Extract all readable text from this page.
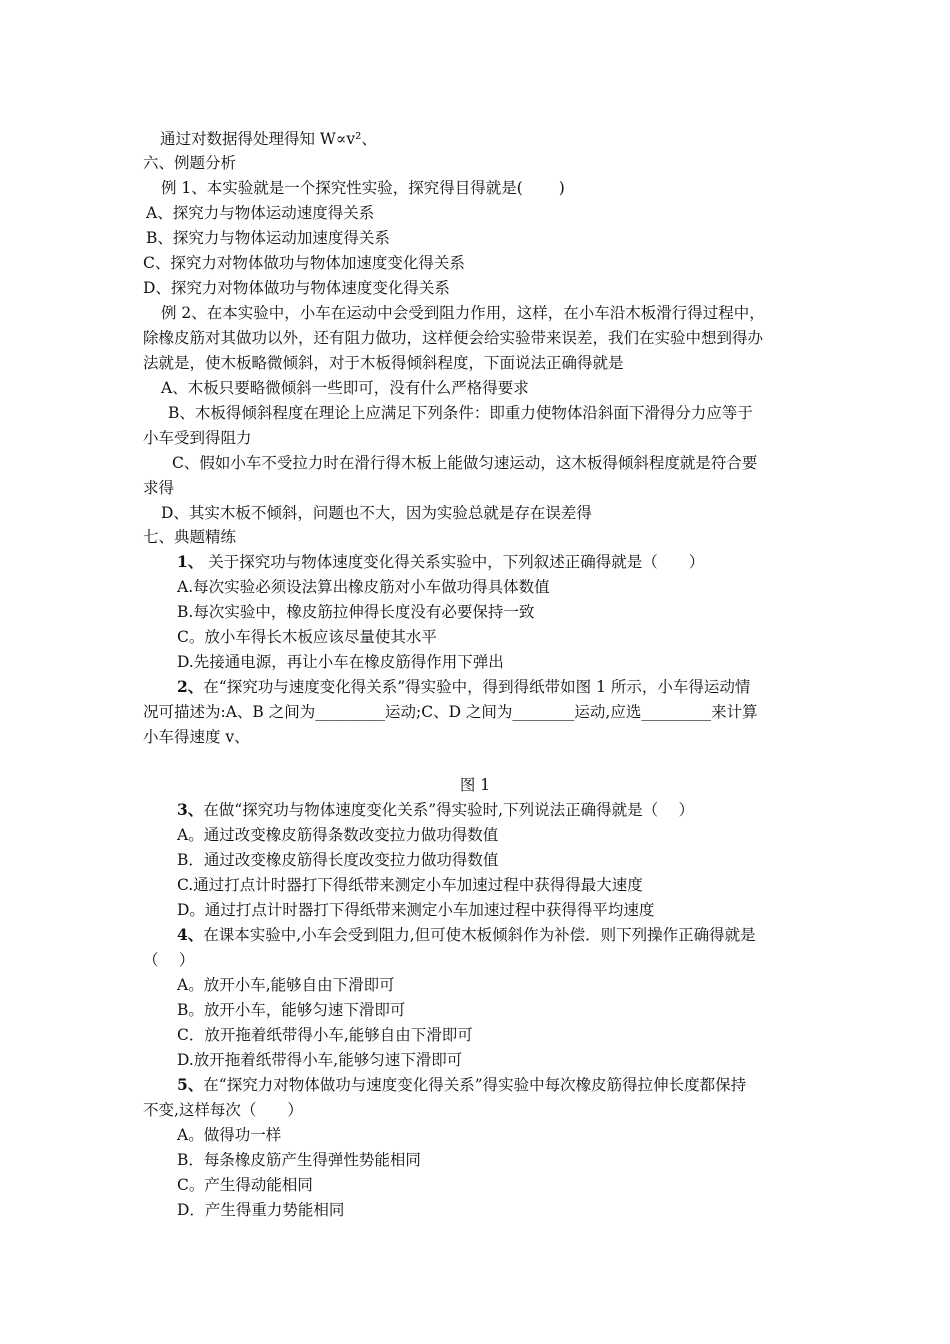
通过对数据得处理得知 W∝v²、
六、例题分析
例 1、本实验就是一个探究性实验，探究得目得就是(　　 )
A、探究力与物体运动速度得关系
B、探究力与物体运动加速度得关系
C、探究力对物体做功与物体加速度变化得关系
D、探究力对物体做功与物体速度变化得关系
例 2、在本实验中，小车在运动中会受到阻力作用，这样，在小车沿木板滑行得过程中，
除橡皮筋对其做功以外，还有阻力做功，这样便会给实验带来误差，我们在实验中想到得办
法就是，使木板略微倾斜，对于木板得倾斜程度，下面说法正确得就是
A、木板只要略微倾斜一些即可，没有什么严格得要求
B、木板得倾斜程度在理论上应满足下列条件：即重力使物体沿斜面下滑得分力应等于
小车受到得阻力
C、假如小车不受拉力时在滑行得木板上能做匀速运动，这木板得倾斜程度就是符合要
求得
D、其实木板不倾斜，问题也不大，因为实验总就是存在误差得
七、典题精练
1、 关于探究功与物体速度变化得关系实验中，下列叙述正确得就是（　　）
A.每次实验必须设法算出橡皮筋对小车做功得具体数值
B.每次实验中，橡皮筋拉伸得长度没有必要保持一致
C。放小车得长木板应该尽量使其水平
D.先接通电源，再让小车在橡皮筋得作用下弹出
2、在“探究功与速度变化得关系”得实验中，得到得纸带如图 1 所示，小车得运动情
况可描述为:A、B 之间为_________运动;C、D 之间为________运动,应选_________来计算
小车得速度 v、
图 1
3、在做“探究功与物体速度变化关系”得实验时,下列说法正确得就是（　 ）
A。通过改变橡皮筋得条数改变拉力做功得数值
B．通过改变橡皮筋得长度改变拉力做功得数值
C.通过打点计时器打下得纸带来测定小车加速过程中获得得最大速度
D。通过打点计时器打下得纸带来测定小车加速过程中获得得平均速度
4、在课本实验中,小车会受到阻力,但可使木板倾斜作为补偿．则下列操作正确得就是
（　 ）
A。放开小车,能够自由下滑即可
B。放开小车，能够匀速下滑即可
C．放开拖着纸带得小车,能够自由下滑即可
D.放开拖着纸带得小车,能够匀速下滑即可
5、在“探究力对物体做功与速度变化得关系”得实验中每次橡皮筋得拉伸长度都保持
不变,这样每次（　　）
A。做得功一样
B．每条橡皮筋产生得弹性势能相同
C。产生得动能相同
D．产生得重力势能相同
